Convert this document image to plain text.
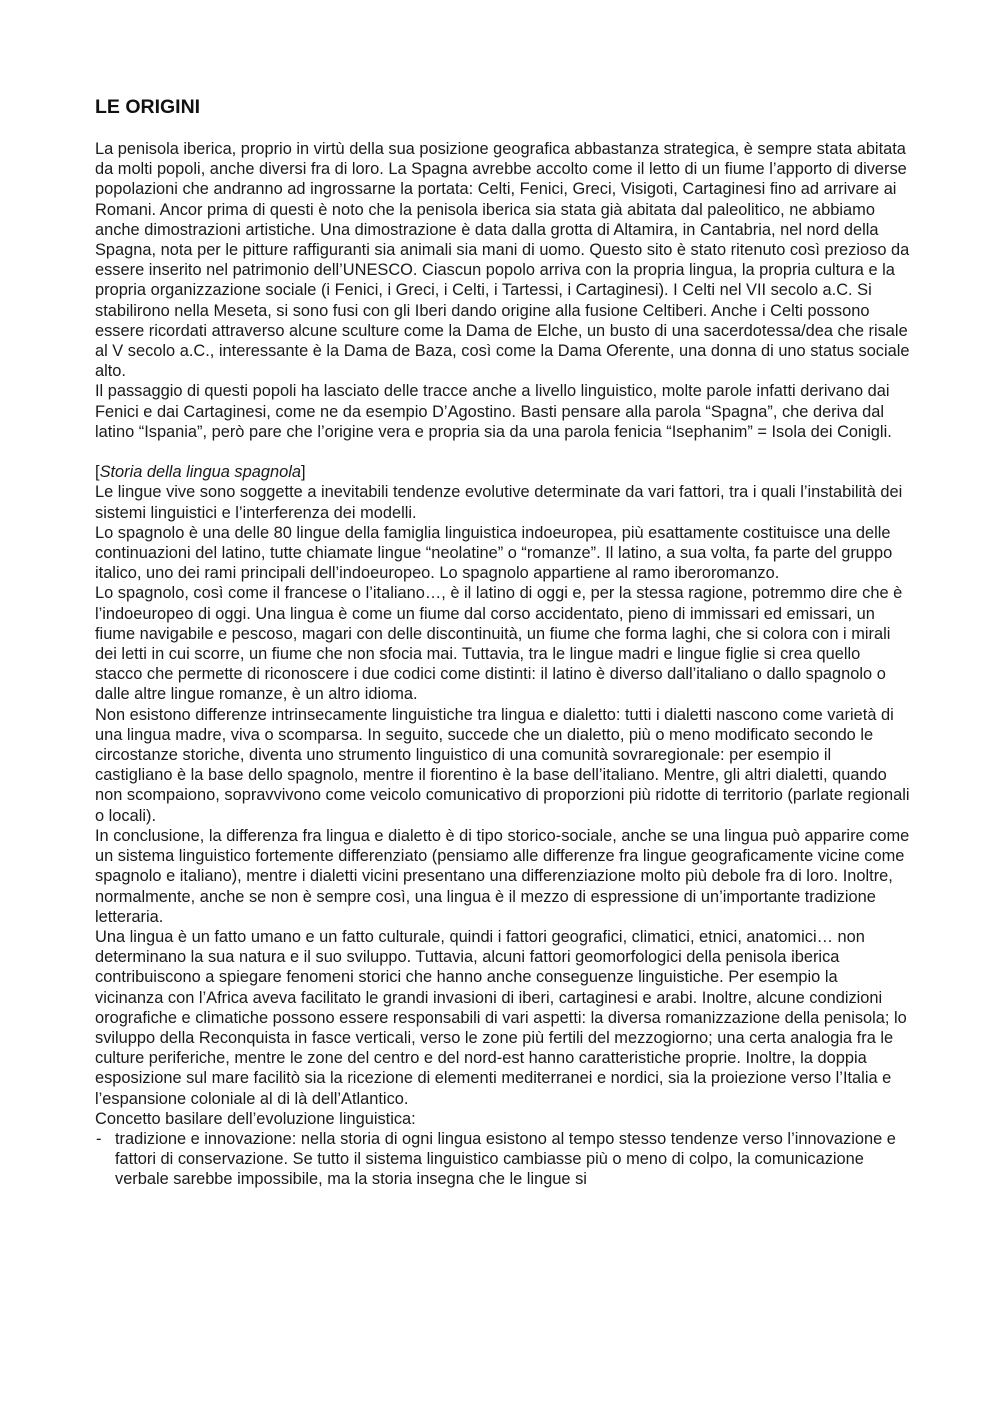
LE ORIGINI

La penisola iberica, proprio in virtù della sua posizione geografica abbastanza strategica, è sempre stata abitata da molti popoli, anche diversi fra di loro. La Spagna avrebbe accolto come il letto di un fiume l’apporto di diverse popolazioni che andranno ad ingrossarne la portata: Celti, Fenici, Greci, Visigoti, Cartaginesi fino ad arrivare ai Romani. Ancor prima di questi è noto che la penisola iberica sia stata già abitata dal paleolitico, ne abbiamo anche dimostrazioni artistiche. Una dimostrazione è data dalla grotta di Altamira, in Cantabria, nel nord della Spagna, nota per le pitture raffiguranti sia animali sia mani di uomo. Questo sito è stato ritenuto così prezioso da essere inserito nel patrimonio dell’UNESCO. Ciascun popolo arriva con la propria lingua, la propria cultura e la propria organizzazione sociale (i Fenici, i Greci, i Celti, i Tartessi, i Cartaginesi). I Celti nel VII secolo a.C. Si stabilirono nella Meseta, si sono fusi con gli Iberi dando origine alla fusione Celtiberi. Anche i Celti possono essere ricordati attraverso alcune sculture come la Dama de Elche, un busto di una sacerdotessa/dea che risale al V secolo a.C., interessante è la Dama de Baza, così come la Dama Oferente, una donna di uno status sociale alto.

Il passaggio di questi popoli ha lasciato delle tracce anche a livello linguistico, molte parole infatti derivano dai Fenici e dai Cartaginesi, come ne da esempio D’Agostino. Basti pensare alla parola “Spagna”, che deriva dal latino “Ispania”, però pare che l’origine vera e propria sia da una parola fenicia “Isephanim” = Isola dei Conigli.

[Storia della lingua spagnola]

Le lingue vive sono soggette a inevitabili tendenze evolutive determinate da vari fattori, tra i quali l’instabilità dei sistemi linguistici e l’interferenza dei modelli.

Lo spagnolo è una delle 80 lingue della famiglia linguistica indoeuropea, più esattamente costituisce una delle continuazioni del latino, tutte chiamate lingue “neolatine” o “romanze”. Il latino, a sua volta, fa parte del gruppo italico, uno dei rami principali dell’indoeuropeo. Lo spagnolo appartiene al ramo iberoromanzo.

Lo spagnolo, così come il francese o l’italiano…, è il latino di oggi e, per la stessa ragione, potremmo dire che è l’indoeuropeo di oggi. Una lingua è come un fiume dal corso accidentato, pieno di immissari ed emissari, un fiume navigabile e pescoso, magari con delle discontinuità, un fiume che forma laghi, che si colora con i mirali dei letti in cui scorre, un fiume che non sfocia mai. Tuttavia, tra le lingue madri e lingue figlie si crea quello stacco che permette di riconoscere i due codici come distinti: il latino è diverso dall’italiano o dallo spagnolo o dalle altre lingue romanze, è un altro idioma.

Non esistono differenze intrinsecamente linguistiche tra lingua e dialetto: tutti i dialetti nascono come varietà di una lingua madre, viva o scomparsa. In seguito, succede che un dialetto, più o meno modificato secondo le circostanze storiche, diventa uno strumento linguistico di una comunità sovraregionale: per esempio il castigliano è la base dello spagnolo, mentre il fiorentino è la base dell’italiano. Mentre, gli altri dialetti, quando non scompaiono, sopravvivono come veicolo comunicativo di proporzioni più ridotte di territorio (parlate regionali o locali).

In conclusione, la differenza fra lingua e dialetto è di tipo storico-sociale, anche se una lingua può apparire come un sistema linguistico fortemente differenziato (pensiamo alle differenze fra lingue geograficamente vicine come spagnolo e italiano), mentre i dialetti vicini presentano una differenziazione molto più debole fra di loro. Inoltre, normalmente, anche se non è sempre così, una lingua è il mezzo di espressione di un’importante tradizione letteraria.

Una lingua è un fatto umano e un fatto culturale, quindi i fattori geografici, climatici, etnici, anatomici… non determinano la sua natura e il suo sviluppo. Tuttavia, alcuni fattori geomorfologici della penisola iberica contribuiscono a spiegare fenomeni storici che hanno anche conseguenze linguistiche. Per esempio la vicinanza con l’Africa aveva facilitato le grandi invasioni di iberi, cartaginesi e arabi. Inoltre, alcune condizioni orografiche e climatiche possono essere responsabili di vari aspetti: la diversa romanizzazione della penisola; lo sviluppo della Reconquista in fasce verticali, verso le zone più fertili del mezzogiorno; una certa analogia fra le culture periferiche, mentre le zone del centro e del nord-est hanno caratteristiche proprie. Inoltre, la doppia esposizione sul mare facilitò sia la ricezione di elementi mediterranei e nordici, sia la proiezione verso l’Italia e l’espansione coloniale al di là dell’Atlantico.

Concetto basilare dell’evoluzione linguistica:

- tradizione e innovazione: nella storia di ogni lingua esistono al tempo stesso tendenze verso l’innovazione e fattori di conservazione. Se tutto il sistema linguistico cambiasse più o meno di colpo, la comunicazione verbale sarebbe impossibile, ma la storia insegna che le lingue si
